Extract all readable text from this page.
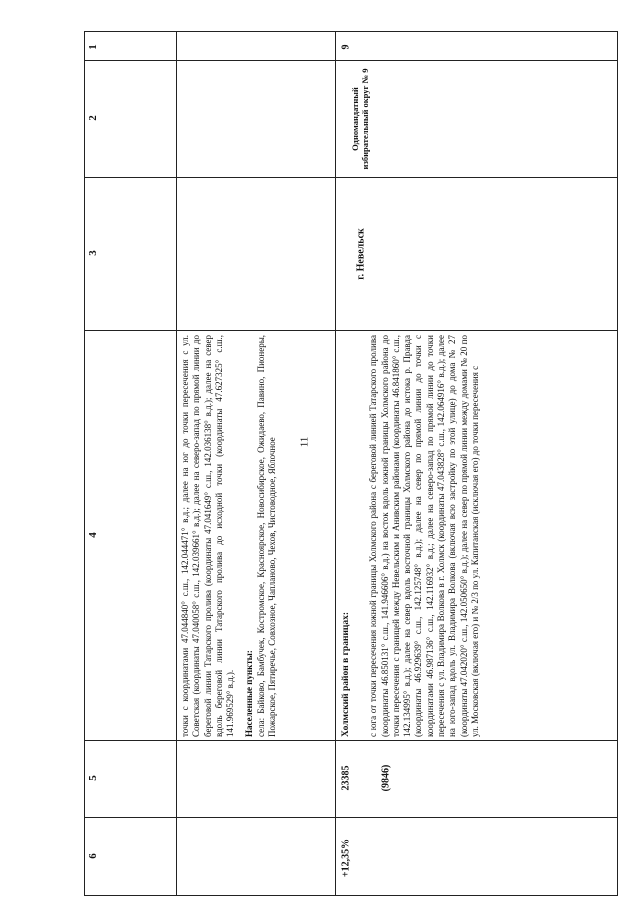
11
1
2
3
4
5
6

точки с координатами 47.044840° с.ш., 142.044471° в.д.; далее на юг до точки пересечения с ул. Советская (координаты 47.040058° с.ш., 142.039661° в.д.); далее на северо-запад по прямой линии до береговой линии Татарского пролива (координаты 47.041649° с.ш., 142.036138° в.д.); далее на север вдоль береговой линии Татарского пролива до исходной точки (координаты 47.627325° с.ш., 141.969529° в.д.). Населенные пункты: села: Байково, Бамбучек, Костромское, Красноярское, Новосибирское, Ожидаево, Павино, Пионеры, Пожарское, Пятиречье, Совхозное, Чапланово, Чехов, Чистоводное, Яблочное

9
Одномандатный избирательный округ № 9
г. Невельск

Холмский район в границах: с юга от точки пересечения южной границы Холмского района с береговой линией Татарского пролива (координаты 46.850131° с.ш., 141.946606° в.д.) на восток вдоль южной границы Холмского района до точки пересечения с границей между Невельским и Анивским районами (координаты 46.841860° с.ш., 142.134995° в.д.); далее на север вдоль восточной границы Холмского района до истока р. Правда (координаты 46.929639° с.ш., 142.125748° в.д.); далее на север по прямой линии до точки с координатами 46.987136° с.ш., 142.116932° в.д.; далее на северо-запад по прямой линии до точки пересечения с ул. Владимира Волкова в г. Холмск (координаты 47.043828° с.ш., 142.064916° в.д.); далее на юго-запад вдоль ул. Владимира Волкова (включая всю застройку по этой улице) до дома № 27 (координаты 47.042020° с.ш., 142.050650° в.д.); далее на север по прямой линии между домами № 20 по ул. Московская (включая его) и № 2/3 по ул. Капитанская (исключая его) до точки пересечения с

23385	(9846)
+12,35%
